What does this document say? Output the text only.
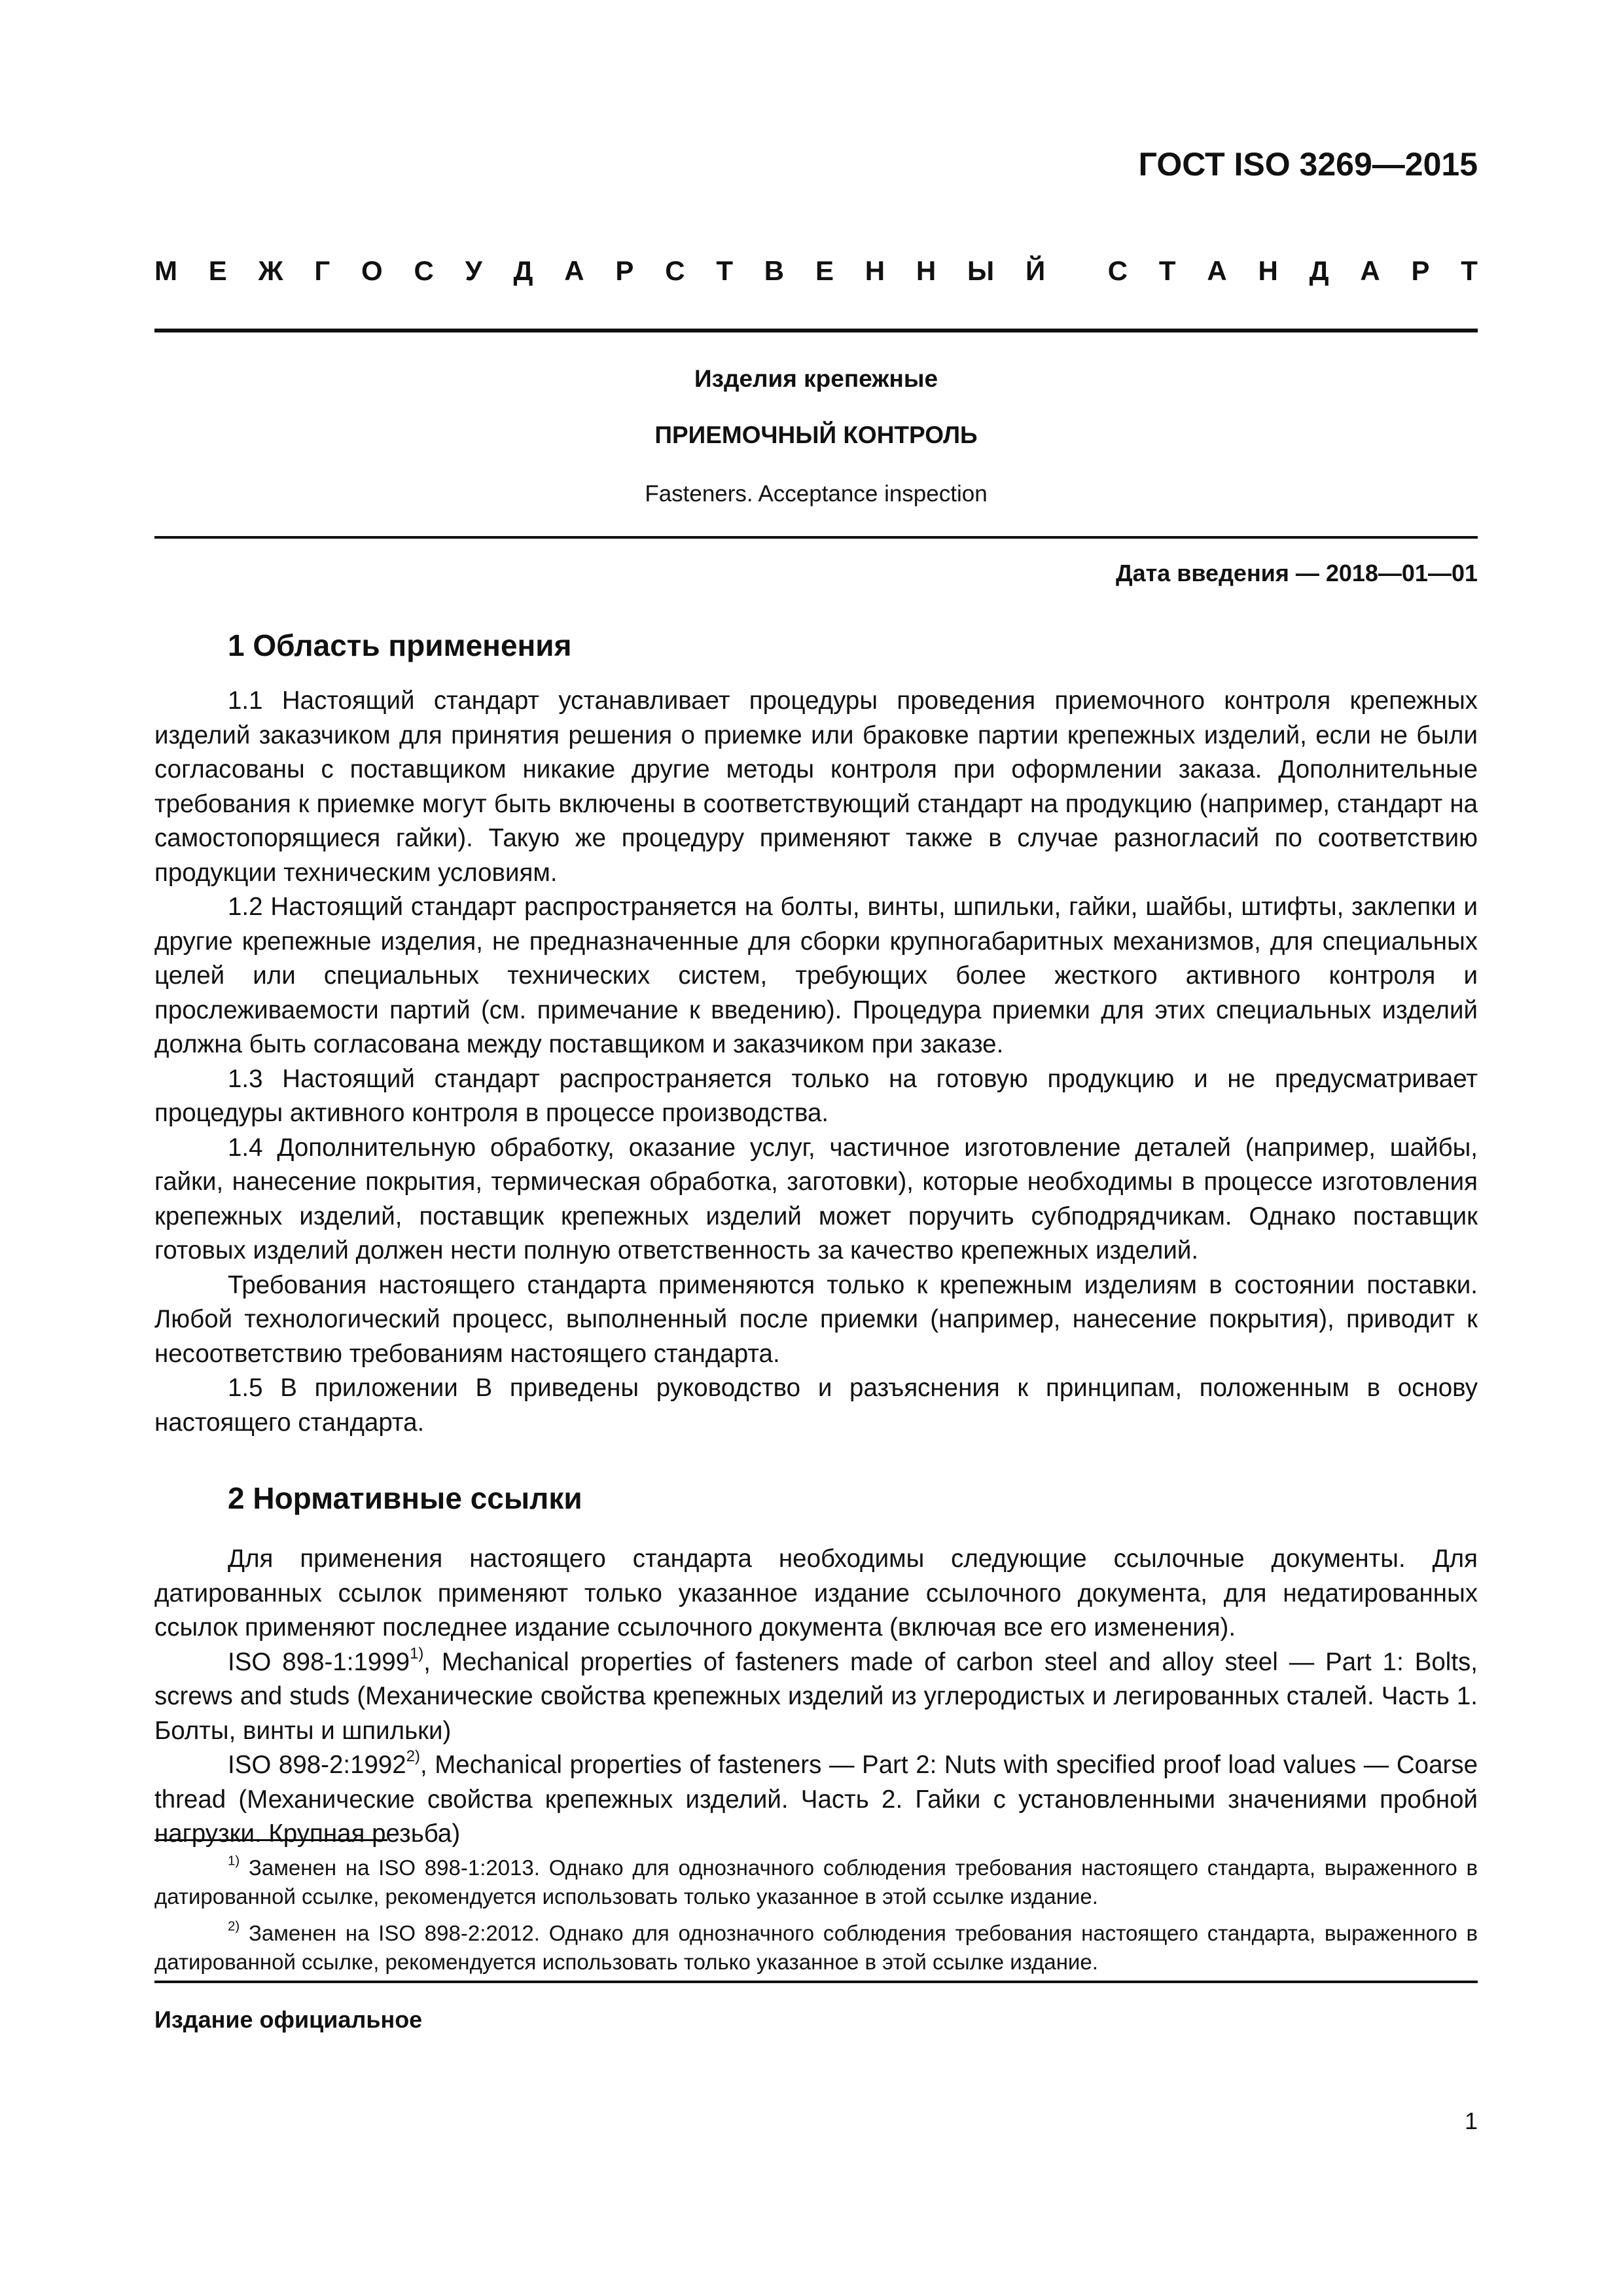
ГОСТ ISO 3269—2015
М Е Ж Г О С У Д А Р С Т В Е Н Н Ы Й С Т А Н Д А Р Т
Изделия крепежные
ПРИЕМОЧНЫЙ КОНТРОЛЬ
Fasteners. Acceptance inspection
Дата введения — 2018—01—01
1 Область применения

1.1 Настоящий стандарт устанавливает процедуры проведения приемочного контроля крепежных изделий заказчиком для принятия решения о приемке или браковке партии крепежных изделий, если не были согласованы с поставщиком никакие другие методы контроля при оформлении заказа. Дополнительные требования к приемке могут быть включены в соответствующий стандарт на продукцию (например, стандарт на самостопорящиеся гайки). Такую же процедуру применяют также в случае разногласий по соответствию продукции техническим условиям.

1.2 Настоящий стандарт распространяется на болты, винты, шпильки, гайки, шайбы, штифты, заклепки и другие крепежные изделия, не предназначенные для сборки крупногабаритных механизмов, для специальных целей или специальных технических систем, требующих более жесткого активного контроля и прослеживаемости партий (см. примечание к введению). Процедура приемки для этих специальных изделий должна быть согласована между поставщиком и заказчиком при заказе.

1.3 Настоящий стандарт распространяется только на готовую продукцию и не предусматривает процедуры активного контроля в процессе производства.

1.4 Дополнительную обработку, оказание услуг, частичное изготовление деталей (например, шайбы, гайки, нанесение покрытия, термическая обработка, заготовки), которые необходимы в процессе изготовления крепежных изделий, поставщик крепежных изделий может поручить субподрядчикам. Однако поставщик готовых изделий должен нести полную ответственность за качество крепежных изделий.

Требования настоящего стандарта применяются только к крепежным изделиям в состоянии поставки. Любой технологический процесс, выполненный после приемки (например, нанесение покрытия), приводит к несоответствию требованиям настоящего стандарта.

1.5 В приложении В приведены руководство и разъяснения к принципам, положенным в основу настоящего стандарта.

2 Нормативные ссылки

Для применения настоящего стандарта необходимы следующие ссылочные документы. Для датированных ссылок применяют только указанное издание ссылочного документа, для недатированных ссылок применяют последнее издание ссылочного документа (включая все его изменения).

ISO 898-1:1999$^{1)}$, Mechanical properties of fasteners made of carbon steel and alloy steel — Part 1: Bolts, screws and studs (Механические свойства крепежных изделий из углеродистых и легированных сталей. Часть 1. Болты, винты и шпильки)

ISO 898-2:1992$^{2)}$, Mechanical properties of fasteners — Part 2: Nuts with specified proof load values — Coarse thread (Механические свойства крепежных изделий. Часть 2. Гайки с установленными значениями пробной нагрузки. Крупная резьба)

$^{1)}$ Заменен на ISO 898-1:2013. Однако для однозначного соблюдения требования настоящего стандарта, выраженного в датированной ссылке, рекомендуется использовать только указанное в этой ссылке издание.

$^{2)}$ Заменен на ISO 898-2:2012. Однако для однозначного соблюдения требования настоящего стандарта, выраженного в датированной ссылке, рекомендуется использовать только указанное в этой ссылке издание.

Издание официальное
1
